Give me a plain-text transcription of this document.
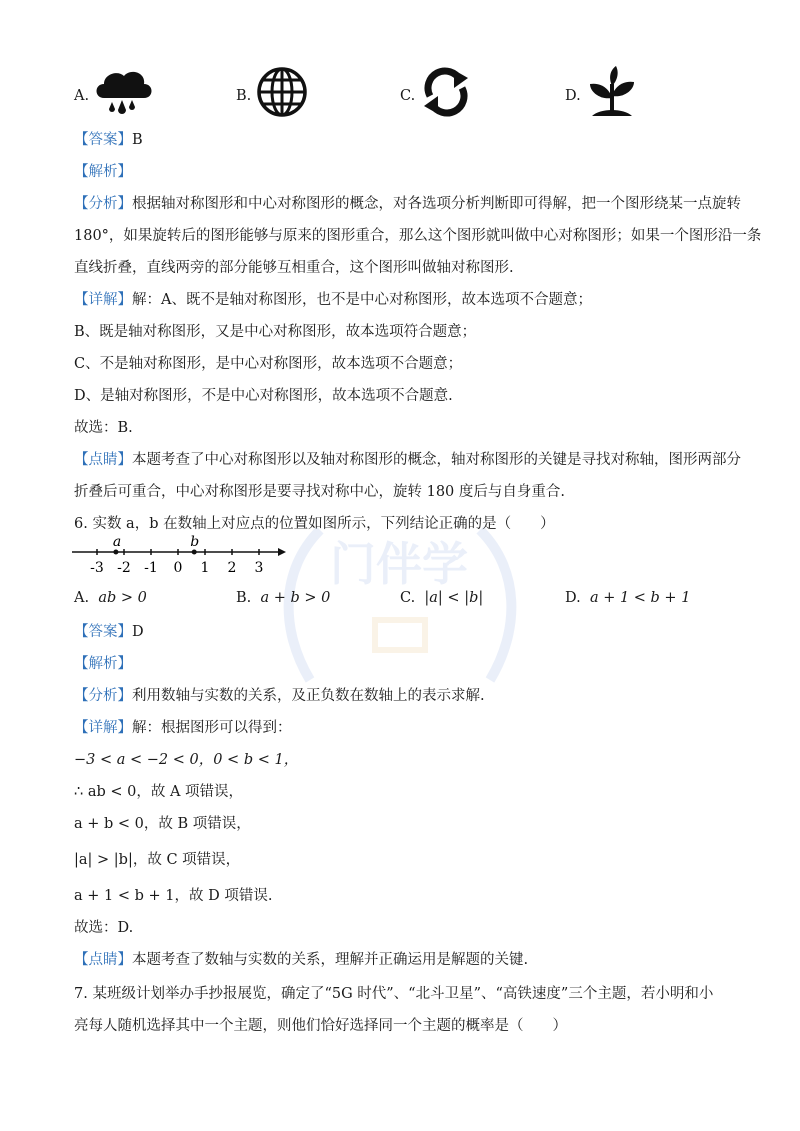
门伴学
A.	B.	C.	D.
【答案】B
【解析】
【分析】根据轴对称图形和中心对称图形的概念，对各选项分析判断即可得解，把一个图形绕某一点旋转
180°，如果旋转后的图形能够与原来的图形重合，那么这个图形就叫做中心对称图形；如果一个图形沿一条
直线折叠，直线两旁的部分能够互相重合，这个图形叫做轴对称图形.
【详解】解：A、既不是轴对称图形，也不是中心对称图形，故本选项不合题意；
B、既是轴对称图形，又是中心对称图形，故本选项符合题意；
C、不是轴对称图形，是中心对称图形，故本选项不合题意；
D、是轴对称图形，不是中心对称图形，故本选项不合题意.
故选：B.
【点睛】本题考查了中心对称图形以及轴对称图形的概念，轴对称图形的关键是寻找对称轴，图形两部分
折叠后可重合，中心对称图形是要寻找对称中心，旋转 180 度后与自身重合.
6. 实数 a，b 在数轴上对应点的位置如图所示，下列结论正确的是（　　）
-3 -2 -1 0 1 2 3
a	b
A. ab > 0	B. a + b > 0	C. |a| < |b|	D. a + 1 < b + 1
【答案】D
【解析】
【分析】利用数轴与实数的关系，及正负数在数轴上的表示求解.
【详解】解：根据图形可以得到：
−3 < a < −2 < 0，0 < b < 1，
∴ ab < 0，故 A 项错误，
a + b < 0，故 B 项错误，
|a| > |b|，故 C 项错误，
a + 1 < b + 1，故 D 项错误.
故选：D.
【点睛】本题考查了数轴与实数的关系，理解并正确运用是解题的关键.
7. 某班级计划举办手抄报展览，确定了“5G 时代”、“北斗卫星”、“高铁速度”三个主题，若小明和小
亮每人随机选择其中一个主题，则他们恰好选择同一个主题的概率是（　　）
